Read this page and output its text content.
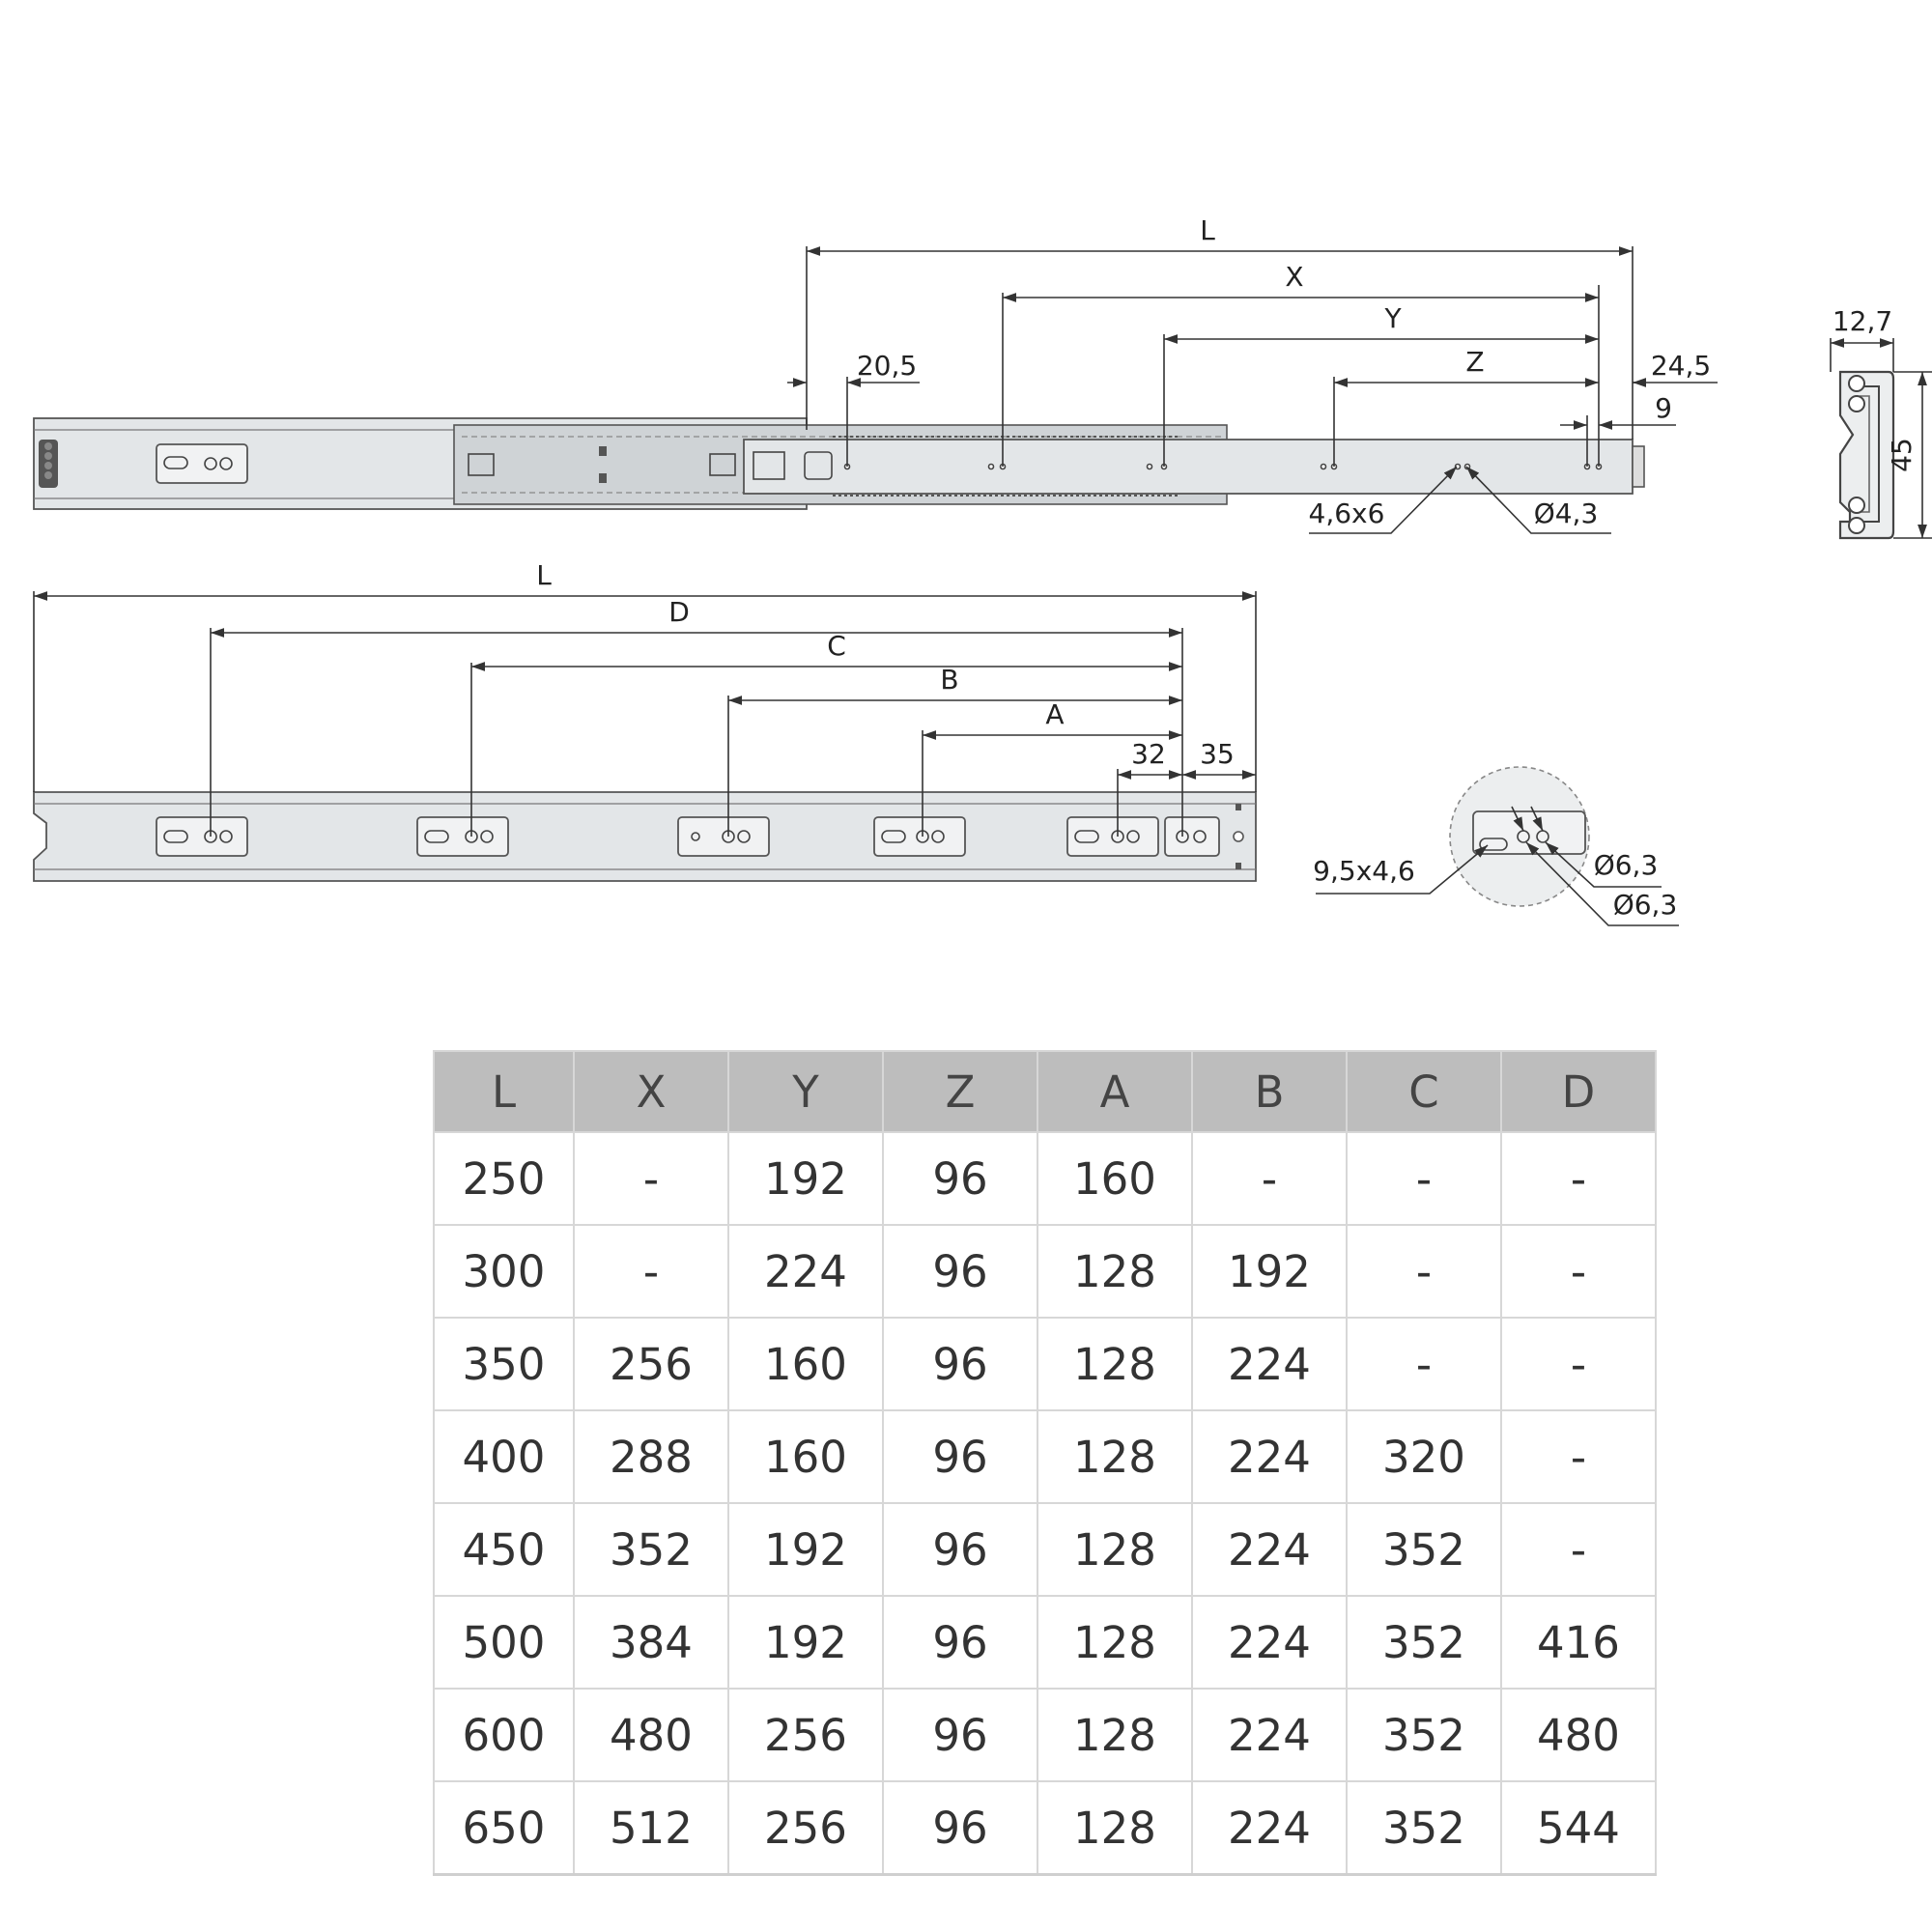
L
X
Y
Z
20,5	24,5
9
4,6x6	Ø4,3
12,7
45
L
D
C
B
A
32 35
9,5x4,6	Ø6,3
Ø6,3
L	X	Y	Z	A	B	C	D
250	-	192	96	160	-	-	-
300	-	224	96	128	192	-	-
350	256	160	96	128	224	-	-
400	288	160	96	128	224	320	-
450	352	192	96	128	224	352	-
500	384	192	96	128	224	352	416
600	480	256	96	128	224	352	480
650	512	256	96	128	224	352	544
